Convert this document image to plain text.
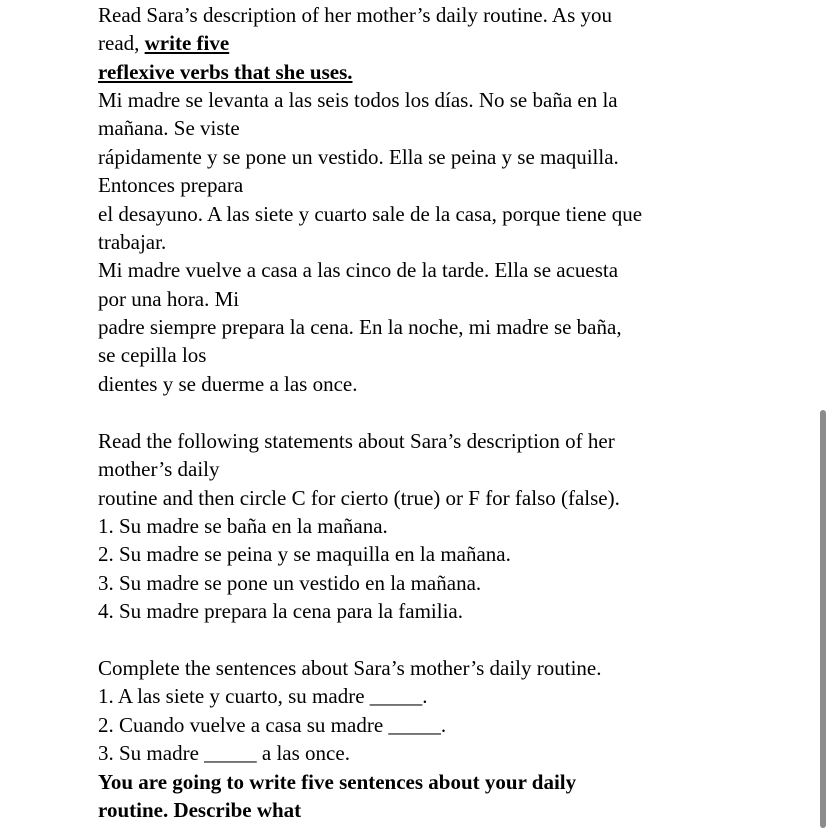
Read Sara’s description of her mother’s daily routine. As you
read, write five
reflexive verbs that she uses.
Mi madre se levanta a las seis todos los días. No se baña en la
mañana. Se viste
rápidamente y se pone un vestido. Ella se peina y se maquilla.
Entonces prepara
el desayuno. A las siete y cuarto sale de la casa, porque tiene que
trabajar.
Mi madre vuelve a casa a las cinco de la tarde. Ella se acuesta
por una hora. Mi
padre siempre prepara la cena. En la noche, mi madre se baña,
se cepilla los
dientes y se duerme a las once.
Read the following statements about Sara’s description of her
mother’s daily
routine and then circle C for cierto (true) or F for falso (false).
1. Su madre se baña en la mañana.
2. Su madre se peina y se maquilla en la mañana.
3. Su madre se pone un vestido en la mañana.
4. Su madre prepara la cena para la familia.
Complete the sentences about Sara’s mother’s daily routine.
1. A las siete y cuarto, su madre _____.
2. Cuando vuelve a casa su madre _____.
3. Su madre _____ a las once.
You are going to write five sentences about your daily
routine. Describe what
